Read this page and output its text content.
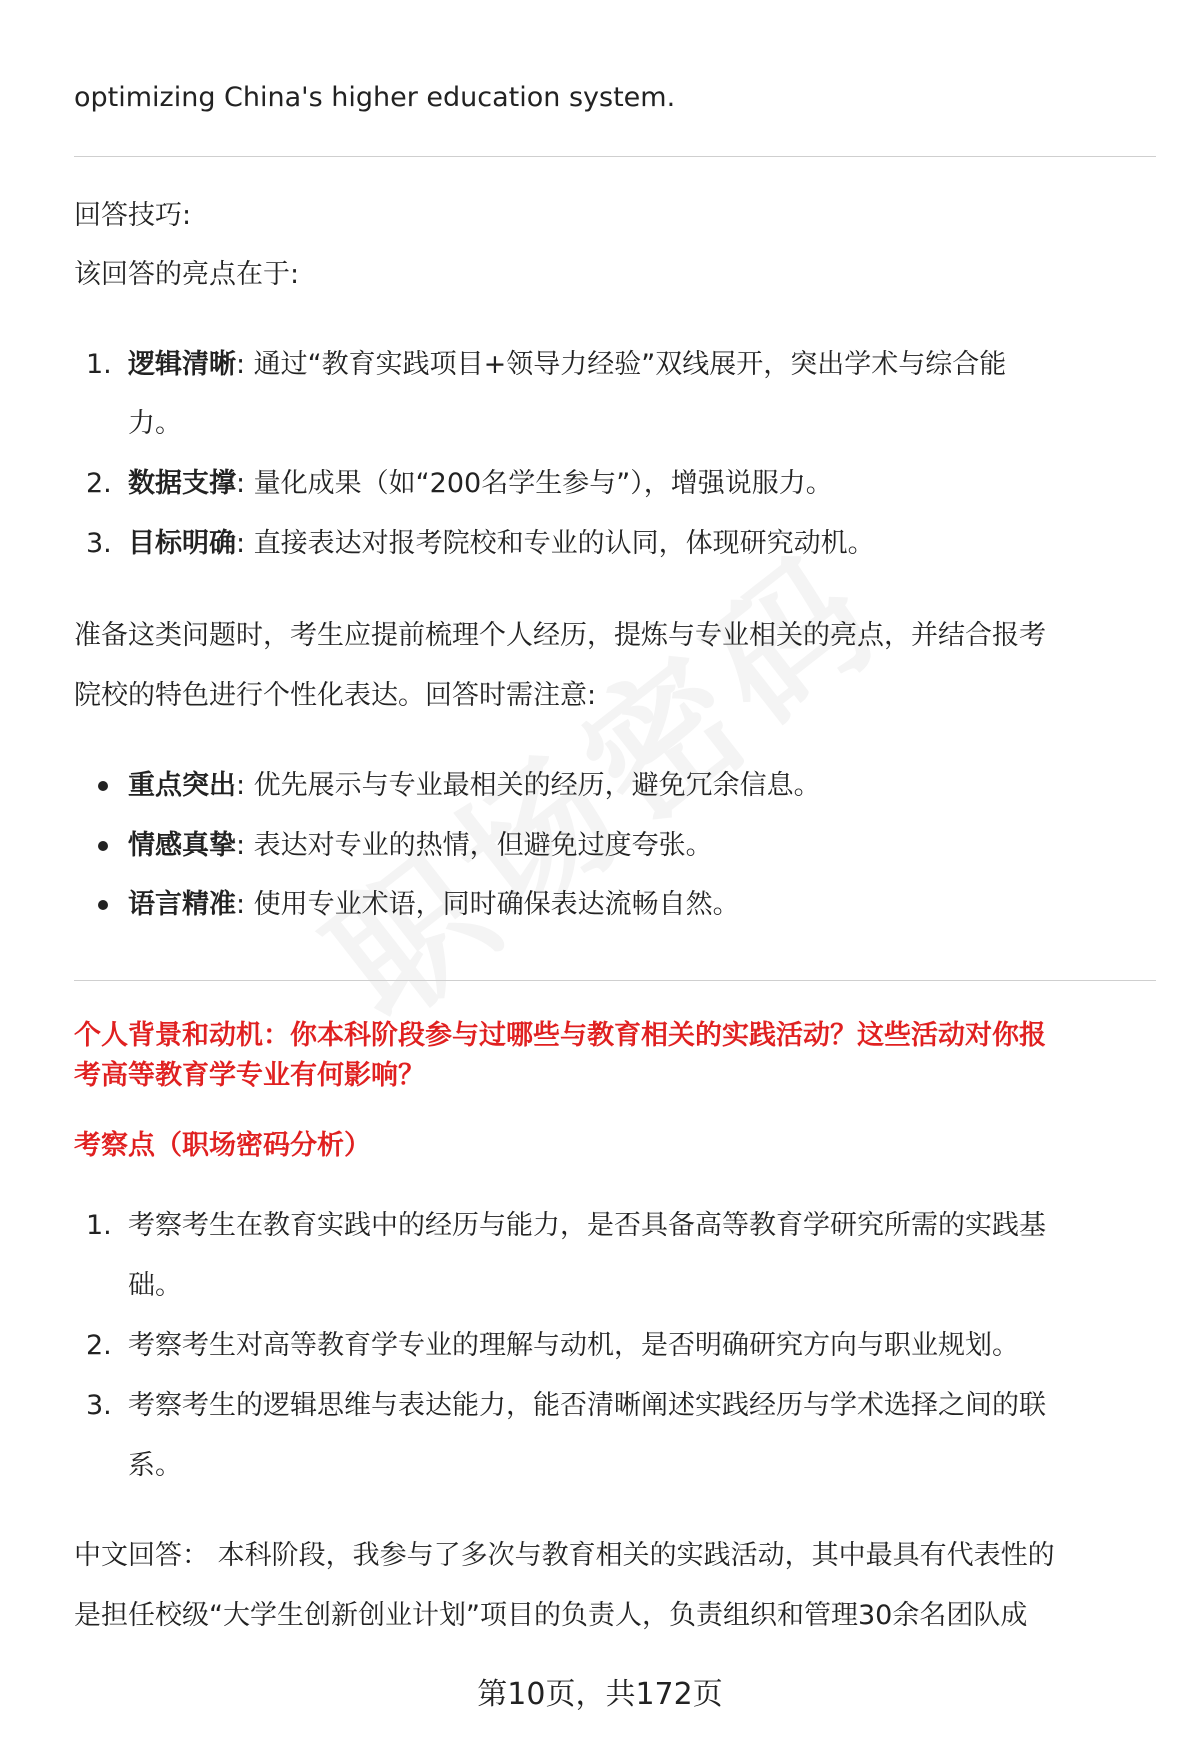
optimizing China's higher education system.
回答技巧:
该回答的亮点在于:
1. 逻辑清晰: 通过“教育实践项目+领导力经验”双线展开，突出学术与综合能
力。
2. 数据支撑: 量化成果（如“200名学生参与”），增强说服力。
3. 目标明确: 直接表达对报考院校和专业的认同，体现研究动机。
准备这类问题时，考生应提前梳理个人经历，提炼与专业相关的亮点，并结合报考
院校的特色进行个性化表达。回答时需注意:
重点突出: 优先展示与专业最相关的经历，避免冗余信息。
情感真挚: 表达对专业的热情，但避免过度夸张。
语言精准: 使用专业术语，同时确保表达流畅自然。
个人背景和动机：你本科阶段参与过哪些与教育相关的实践活动？这些活动对你报
考高等教育学专业有何影响？
考察点（职场密码分析）
1. 考察考生在教育实践中的经历与能力，是否具备高等教育学研究所需的实践基
础。
2. 考察考生对高等教育学专业的理解与动机，是否明确研究方向与职业规划。
3. 考察考生的逻辑思维与表达能力，能否清晰阐述实践经历与学术选择之间的联
系。
中文回答： 本科阶段，我参与了多次与教育相关的实践活动，其中最具有代表性的
是担任校级“大学生创新创业计划”项目的负责人，负责组织和管理30余名团队成
第10页，共172页
